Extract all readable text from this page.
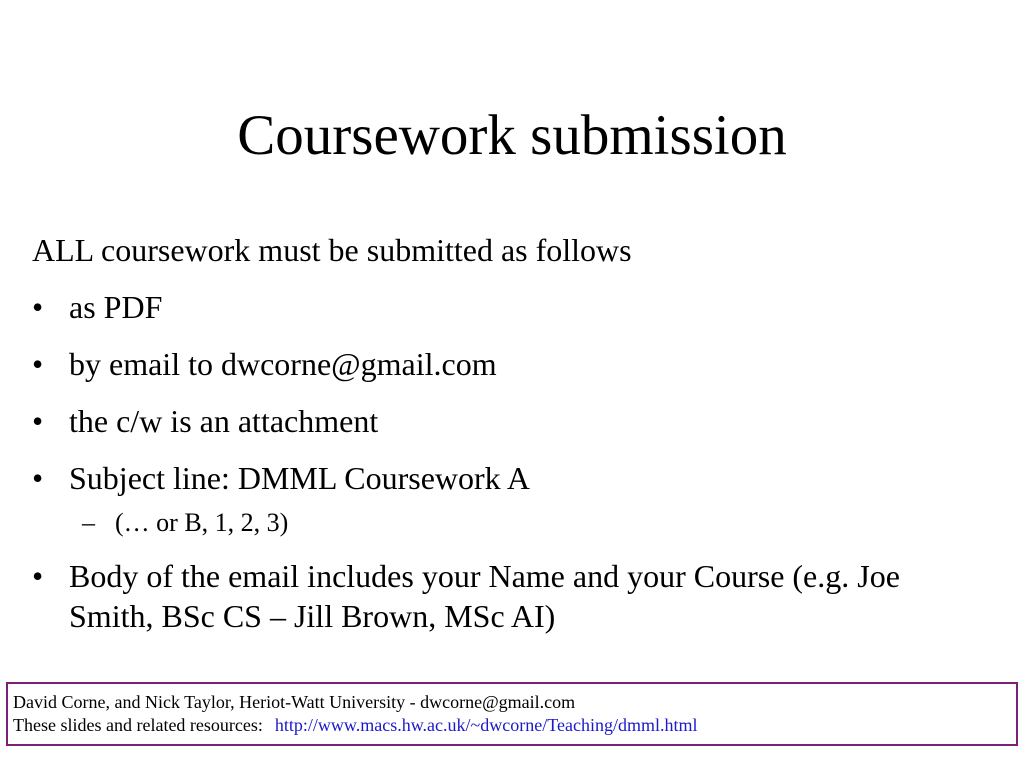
Coursework submission
ALL coursework must be submitted as follows
• as PDF
• by email to dwcorne@gmail.com
• the c/w is an attachment
• Subject line: DMML Coursework A
– (… or B, 1, 2, 3)
• Body of the email includes your Name and your Course (e.g. Joe Smith, BSc CS – Jill Brown, MSc AI)
David Corne, and Nick Taylor, Heriot-Watt University - dwcorne@gmail.com
These slides and related resources: http://www.macs.hw.ac.uk/~dwcorne/Teaching/dmml.html
